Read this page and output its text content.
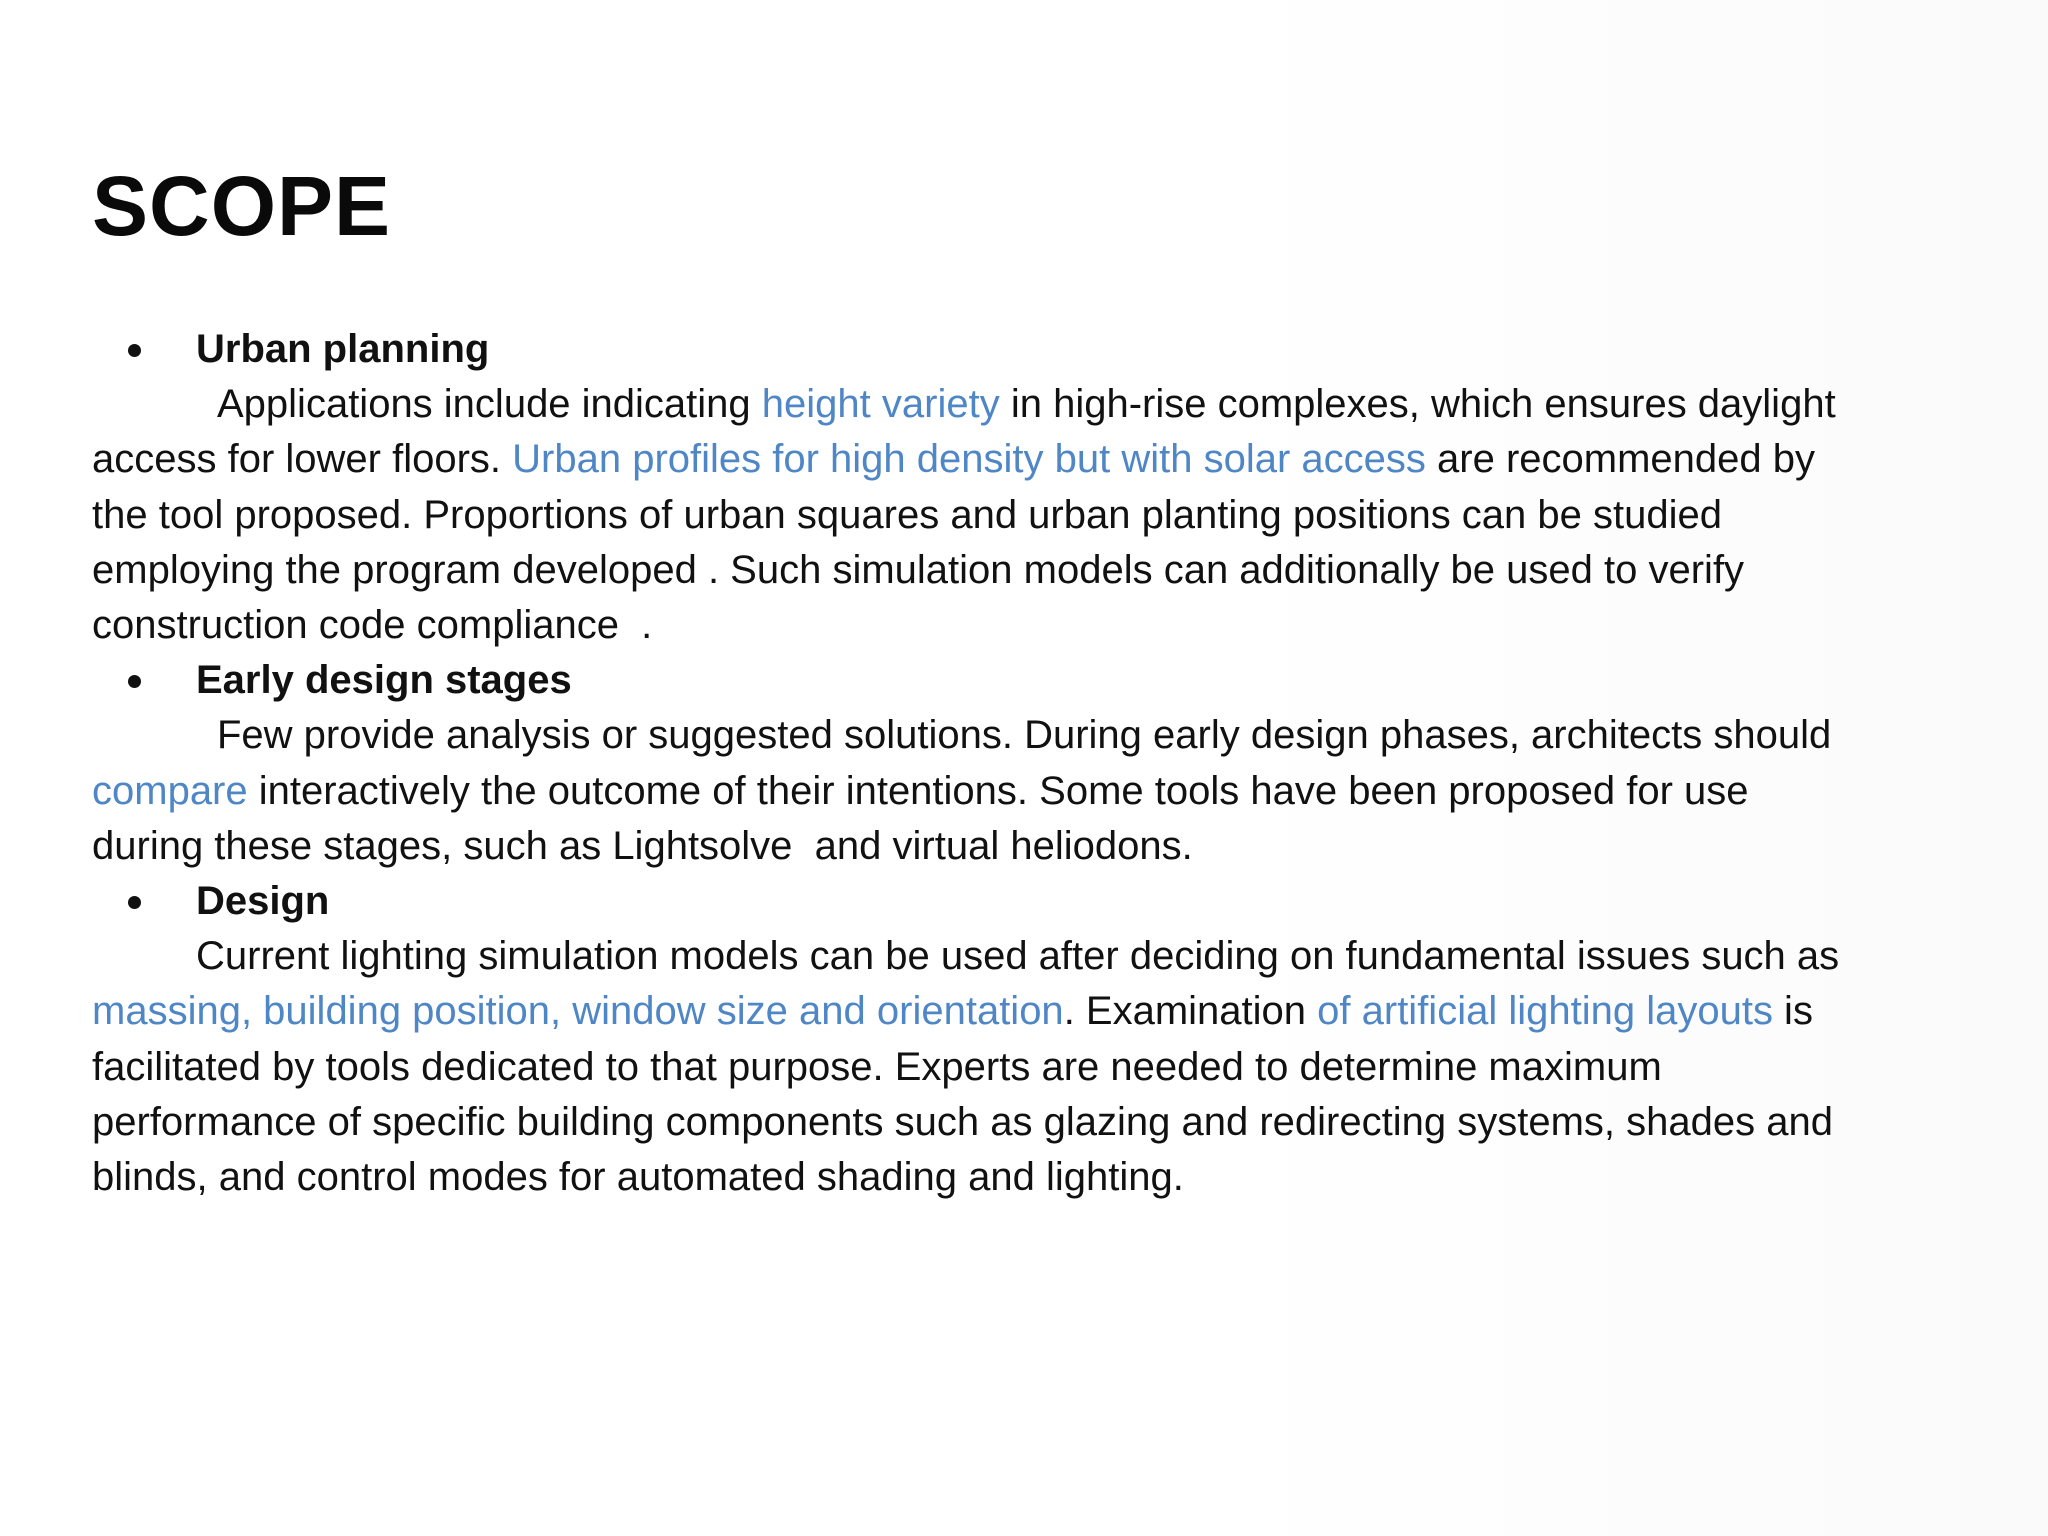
SCOPE
Urban planning
Applications include indicating height variety in high-rise complexes, which ensures daylight
access for lower floors. Urban profiles for high density but with solar access are recommended by
the tool proposed. Proportions of urban squares and urban planting positions can be studied
employing the program developed . Such simulation models can additionally be used to verify
construction code compliance  .
Early design stages
Few provide analysis or suggested solutions. During early design phases, architects should
compare interactively the outcome of their intentions. Some tools have been proposed for use
during these stages, such as Lightsolve  and virtual heliodons.
Design
Current lighting simulation models can be used after deciding on fundamental issues such as
massing, building position, window size and orientation. Examination of artificial lighting layouts is
facilitated by tools dedicated to that purpose. Experts are needed to determine maximum
performance of specific building components such as glazing and redirecting systems, shades and
blinds, and control modes for automated shading and lighting.
